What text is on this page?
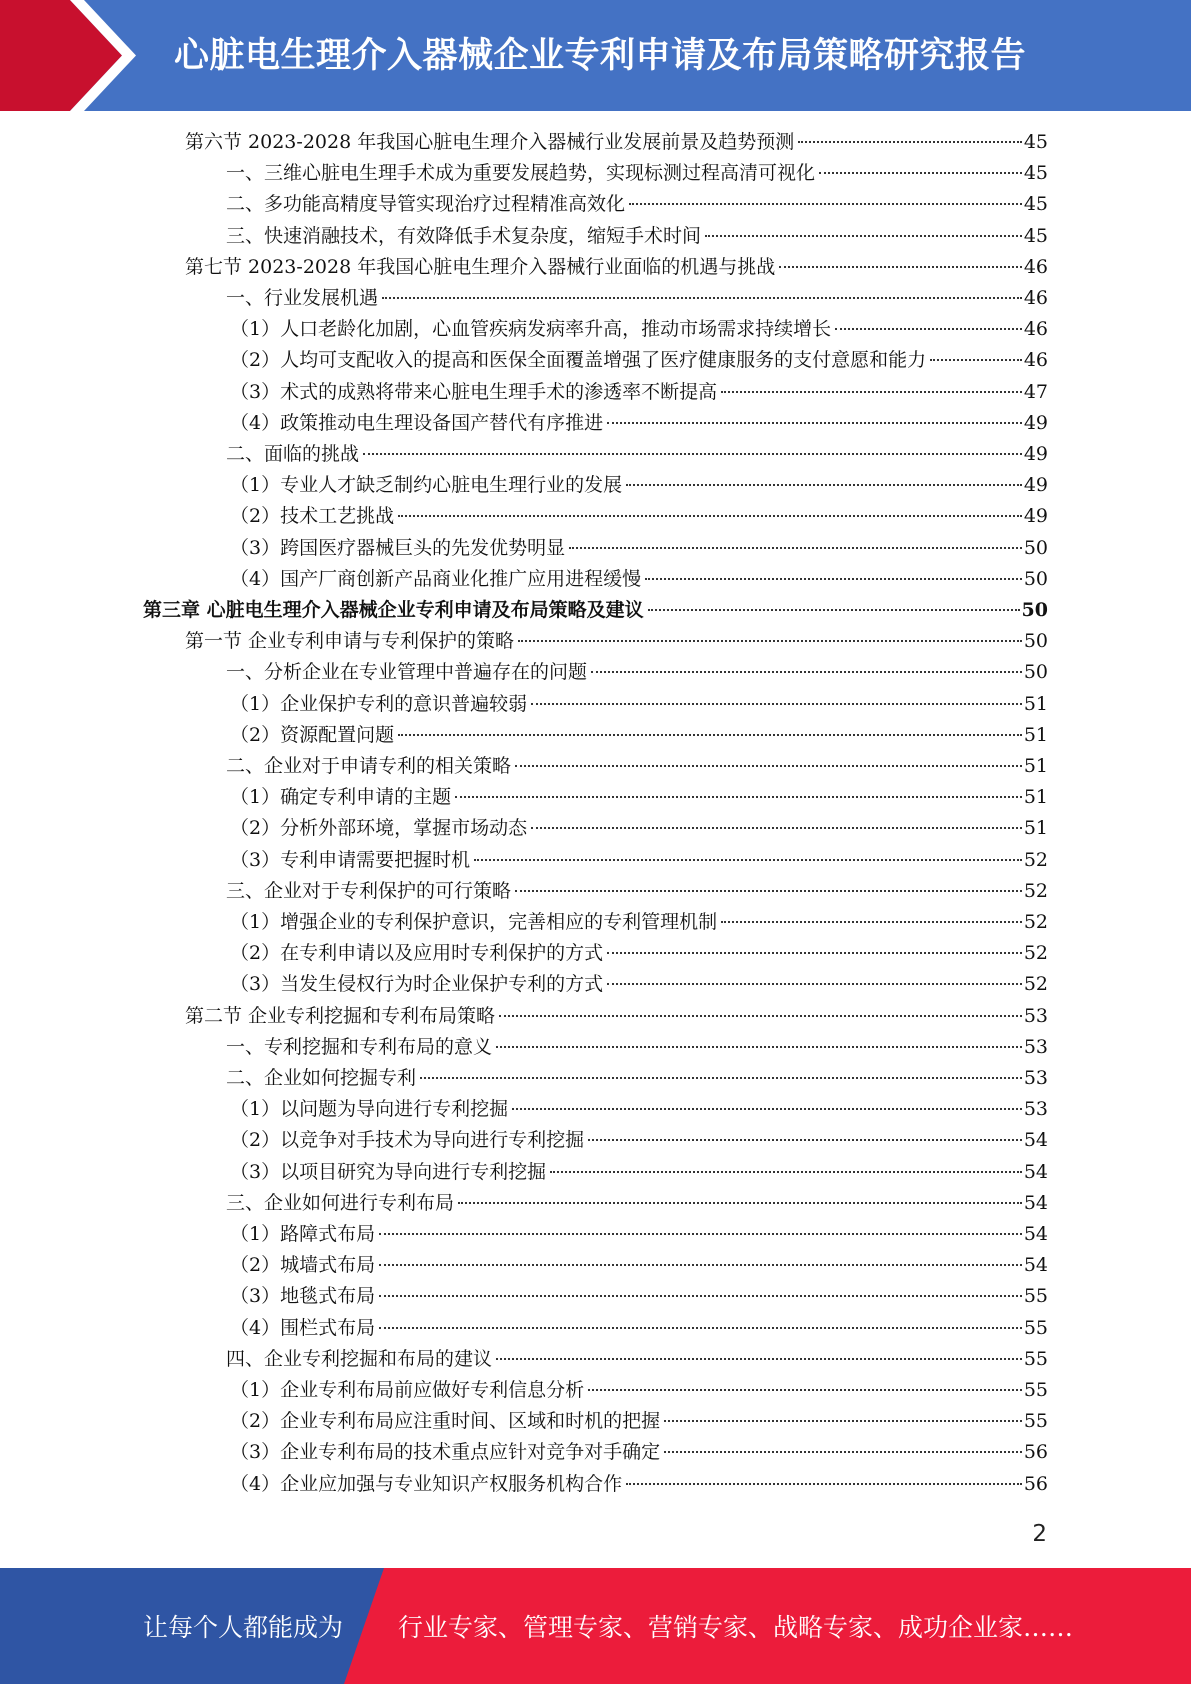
心脏电生理介入器械企业专利申请及布局策略研究报告
第六节 2023-2028 年我国心脏电生理介入器械行业发展前景及趋势预测	45
一、三维心脏电生理手术成为重要发展趋势，实现标测过程高清可视化	45
二、多功能高精度导管实现治疗过程精准高效化	45
三、快速消融技术，有效降低手术复杂度，缩短手术时间	45
第七节 2023-2028 年我国心脏电生理介入器械行业面临的机遇与挑战	46
一、行业发展机遇	46
（1）人口老龄化加剧，心血管疾病发病率升高，推动市场需求持续增长	46
（2）人均可支配收入的提高和医保全面覆盖增强了医疗健康服务的支付意愿和能力	46
（3）术式的成熟将带来心脏电生理手术的渗透率不断提高	47
（4）政策推动电生理设备国产替代有序推进	49
二、面临的挑战	49
（1）专业人才缺乏制约心脏电生理行业的发展	49
（2）技术工艺挑战	49
（3）跨国医疗器械巨头的先发优势明显	50
（4）国产厂商创新产品商业化推广应用进程缓慢	50
第三章 心脏电生理介入器械企业专利申请及布局策略及建议	50
第一节 企业专利申请与专利保护的策略	50
一、分析企业在专业管理中普遍存在的问题	50
（1）企业保护专利的意识普遍较弱	51
（2）资源配置问题	51
二、企业对于申请专利的相关策略	51
（1）确定专利申请的主题	51
（2）分析外部环境，掌握市场动态	51
（3）专利申请需要把握时机	52
三、企业对于专利保护的可行策略	52
（1）增强企业的专利保护意识，完善相应的专利管理机制	52
（2）在专利申请以及应用时专利保护的方式	52
（3）当发生侵权行为时企业保护专利的方式	52
第二节 企业专利挖掘和专利布局策略	53
一、专利挖掘和专利布局的意义	53
二、企业如何挖掘专利	53
（1）以问题为导向进行专利挖掘	53
（2）以竞争对手技术为导向进行专利挖掘	54
（3）以项目研究为导向进行专利挖掘	54
三、企业如何进行专利布局	54
（1）路障式布局	54
（2）城墙式布局	54
（3）地毯式布局	55
（4）围栏式布局	55
四、企业专利挖掘和布局的建议	55
（1）企业专利布局前应做好专利信息分析	55
（2）企业专利布局应注重时间、区域和时机的把握	55
（3）企业专利布局的技术重点应针对竞争对手确定	56
（4）企业应加强与专业知识产权服务机构合作	56
2
让每个人都能成为 行业专家、管理专家、营销专家、战略专家、成功企业家……
